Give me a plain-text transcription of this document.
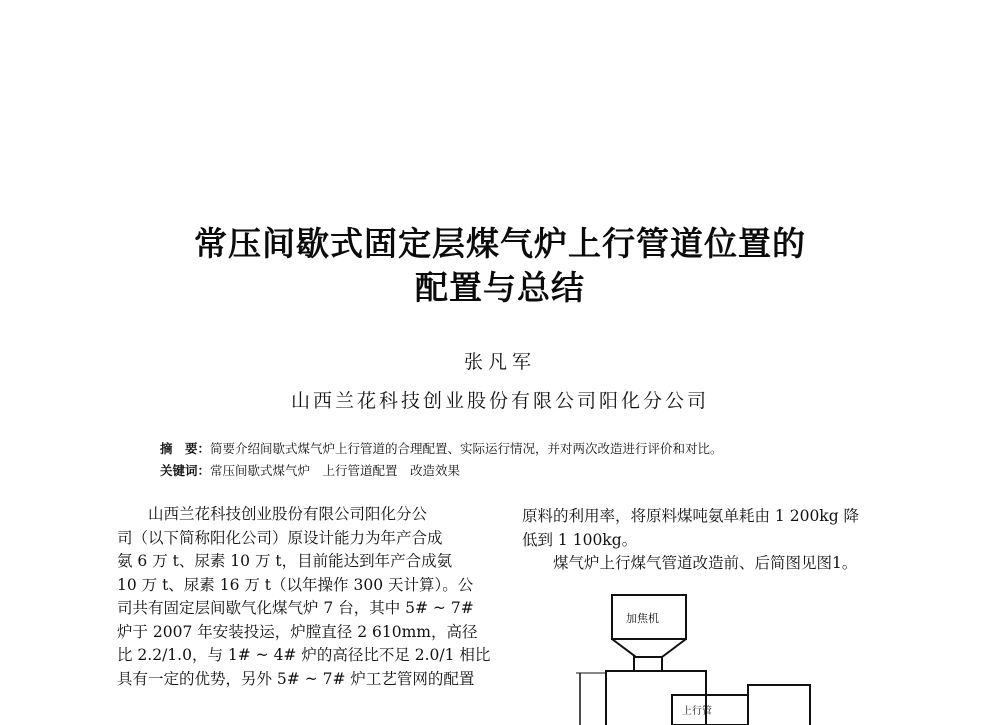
常压间歇式固定层煤气炉上行管道位置的
配置与总结
张凡军
山西兰花科技创业股份有限公司阳化分公司
摘　要：简要介绍间歇式煤气炉上行管道的合理配置、实际运行情况，并对两次改造进行评价和对比。
关键词：常压间歇式煤气炉　上行管道配置　改造效果
山西兰花科技创业股份有限公司阳化分公
司（以下简称阳化公司）原设计能力为年产合成
氨 6 万 t、尿素 10 万 t，目前能达到年产合成氨
10 万 t、尿素 16 万 t（以年操作 300 天计算）。公
司共有固定层间歇气化煤气炉 7 台，其中 5# ~ 7#
炉于 2007 年安装投运，炉膛直径 2 610mm，高径
比 2.2/1.0，与 1# ~ 4# 炉的高径比不足 2.0/1 相比
具有一定的优势，另外 5# ~ 7# 炉工艺管网的配置
原料的利用率，将原料煤吨氨单耗由 1 200kg 降
低到 1 100kg。
煤气炉上行煤气管道改造前、后简图见图1。
加焦机
上行管
